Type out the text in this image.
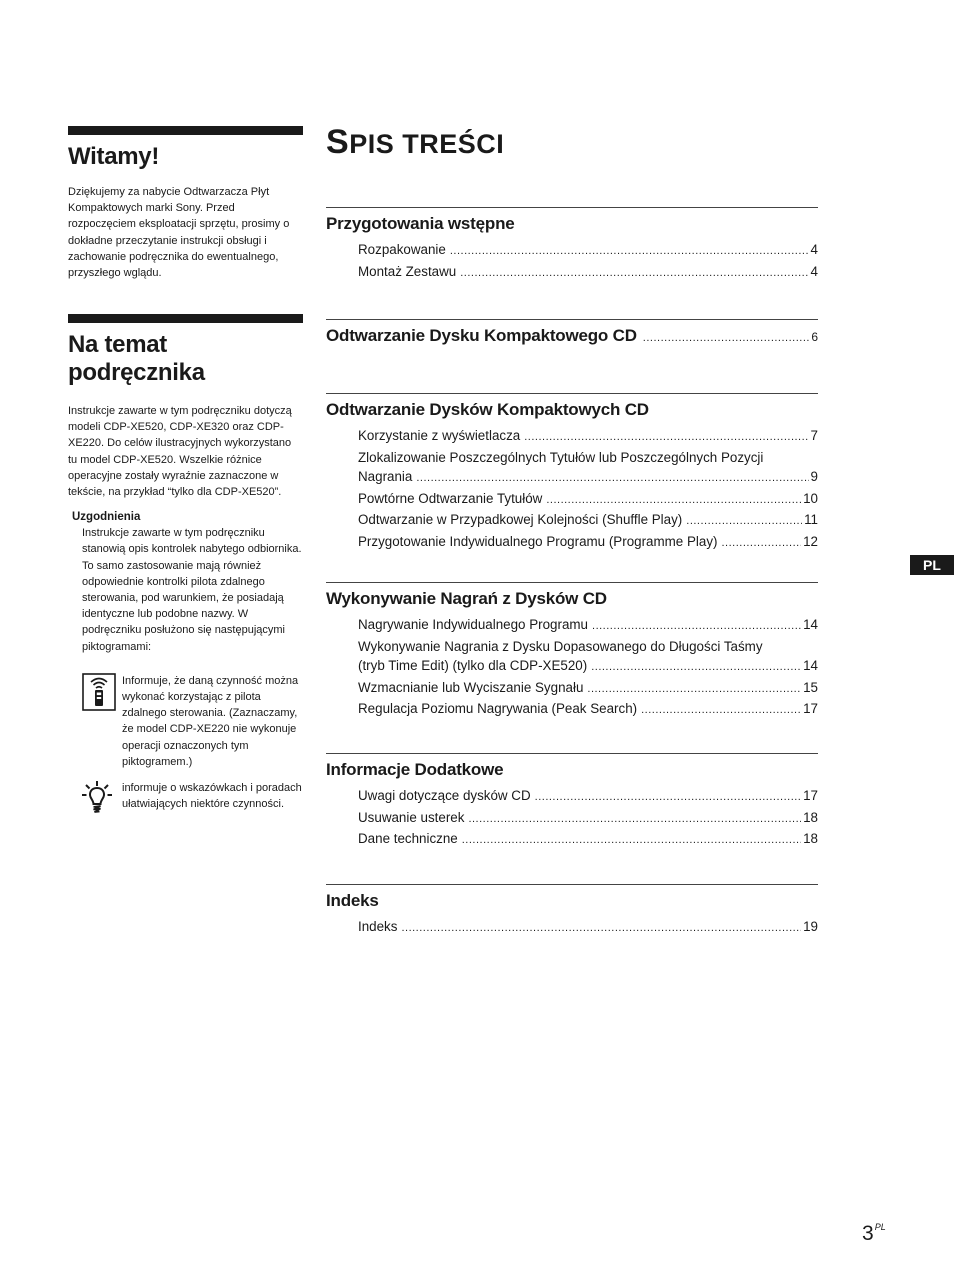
Witamy!

Dziękujemy za nabycie Odtwarzacza Płyt Kompaktowych marki Sony. Przed rozpoczęciem eksploatacji sprzętu, prosimy o dokładne przeczytanie instrukcji obsługi i zachowanie podręcznika do ewentualnego, przyszłego wglądu.

Na temat podręcznika

Instrukcje zawarte w tym podręczniku dotyczą modeli CDP-XE520, CDP-XE320 oraz CDP-XE220. Do celów ilustracyjnych wykorzystano tu model CDP-XE520. Wszelkie różnice operacyjne zostały wyraźnie zaznaczone w tekście, na przykład “tylko dla CDP-XE520”.

Uzgodnienia

Instrukcje zawarte w tym podręczniku stanowią opis kontrolek nabytego odbiornika. To samo zastosowanie mają również odpowiednie kontrolki pilota zdalnego sterowania, pod warunkiem, że posiadają identyczne lub podobne nazwy. W podręczniku posłużono się następującymi piktogramami:

Informuje, że daną czynność można wykonać korzystając z pilota zdalnego sterowania. (Zaznaczamy, że model CDP-XE220 nie wykonuje operacji oznaczonych tym piktogramem.)

informuje o wskazówkach i poradach ułatwiających niektóre czynności.

SPIS TREŚCI
Przygotowania wstępne
Rozpakowanie .....	4
Montaż Zestawu .....	4
Odtwarzanie Dysku Kompaktowego CD .....	6
Odtwarzanie Dysków Kompaktowych CD
Korzystanie z wyświetlacza .....	7
Zlokalizowanie Poszczególnych Tytułów lub Poszczególnych Pozycji
Nagrania .....	9
Powtórne Odtwarzanie Tytułów .....	10
Odtwarzanie w Przypadkowej Kolejności (Shuffle Play) .....	11
Przygotowanie Indywidualnego Programu (Programme Play) .....	12
Wykonywanie Nagrań z Dysków CD
Nagrywanie Indywidualnego Programu .....	14
Wykonywanie Nagrania z Dysku Dopasowanego do Długości Taśmy
(tryb Time Edit) (tylko dla CDP-XE520) .....	14
Wzmacnianie lub Wyciszanie Sygnału .....	15
Regulacja Poziomu Nagrywania (Peak Search) .....	17
Informacje Dodatkowe
Uwagi dotyczące dysków CD .....	17
Usuwanie usterek .....	18
Dane techniczne .....	18
Indeks
Indeks .....	19
PL
$3^{PL}$
